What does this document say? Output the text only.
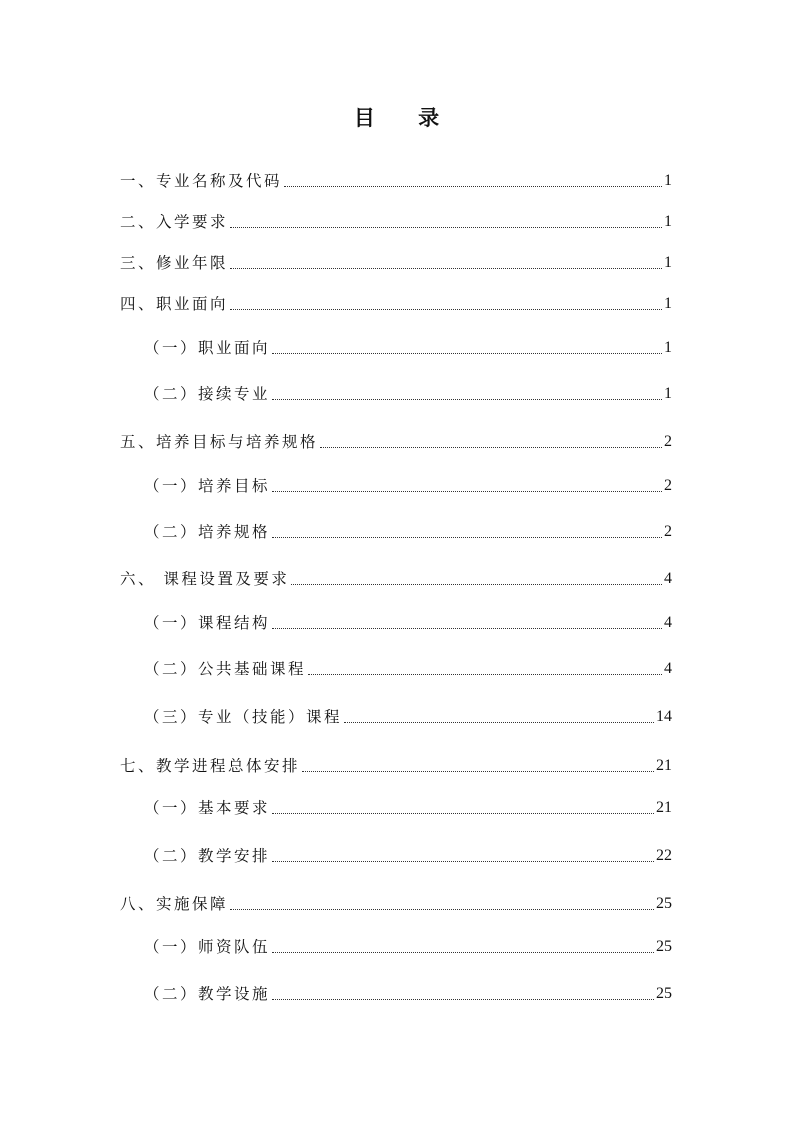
目 录
一、专业名称及代码	1
二、入学要求	1
三、修业年限	1
四、职业面向	1
（一）职业面向	1
（二）接续专业	1
五、培养目标与培养规格	2
（一）培养目标	2
（二）培养规格	2
六、 课程设置及要求	4
（一）课程结构	4
（二）公共基础课程	4
（三）专业（技能）课程	14
七、教学进程总体安排	21
（一）基本要求	21
（二）教学安排	22
八、实施保障	25
（一）师资队伍	25
（二）教学设施	25
